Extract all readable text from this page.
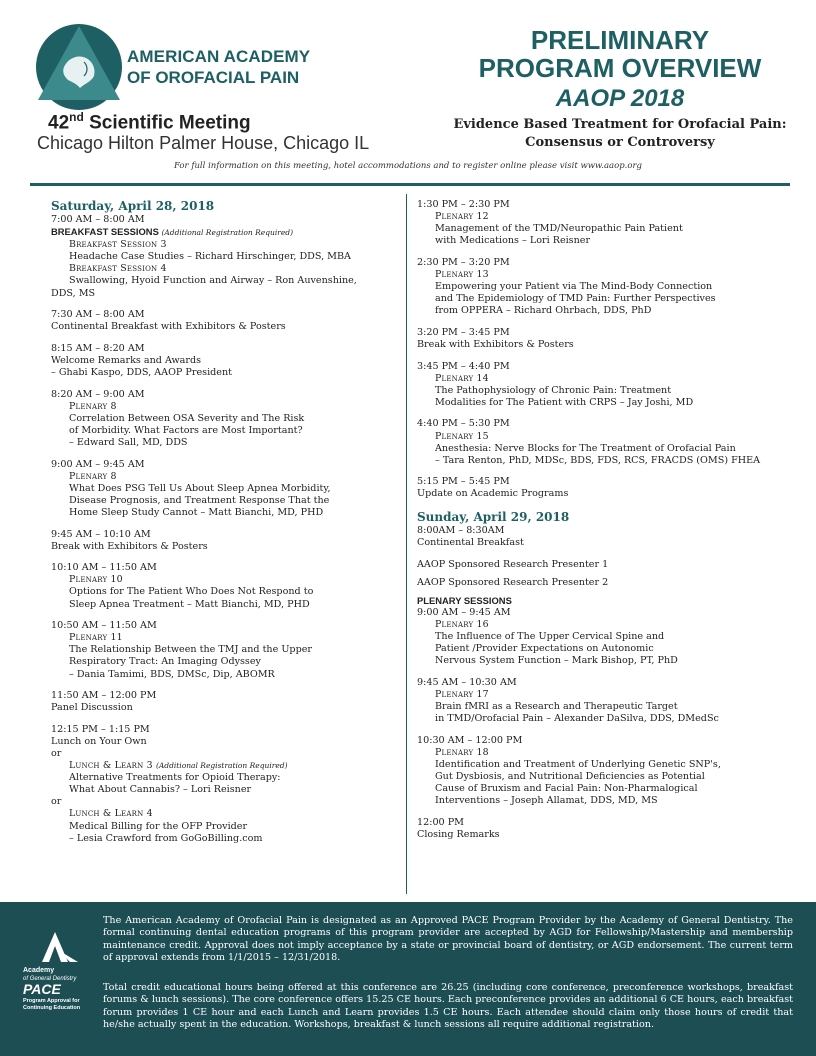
AMERICAN ACADEMY
OF OROFACIAL PAIN
42nd Scientific Meeting
Chicago Hilton Palmer House, Chicago IL
PRELIMINARY
PROGRAM OVERVIEW
AAOP 2018
Evidence Based Treatment for Orofacial Pain:
Consensus or Controversy
For full information on this meeting, hotel accommodations and to register online please visit www.aaop.org
Saturday, April 28, 2018
7:00 AM – 8:00 AM
BREAKFAST SESSIONS (Additional Registration Required)
Breakfast Session 3
Headache Case Studies – Richard Hirschinger, DDS, MBA
Breakfast Session 4
Swallowing, Hyoid Function and Airway – Ron Auvenshine,
DDS, MS
7:30 AM – 8:00 AM
Continental Breakfast with Exhibitors & Posters
8:15 AM – 8:20 AM
Welcome Remarks and Awards
– Ghabi Kaspo, DDS, AAOP President
8:20 AM – 9:00 AM
Plenary 8
Correlation Between OSA Severity and The Risk
of Morbidity. What Factors are Most Important?
– Edward Sall, MD, DDS
9:00 AM – 9:45 AM
Plenary 8
What Does PSG Tell Us About Sleep Apnea Morbidity,
Disease Prognosis, and Treatment Response That the
Home Sleep Study Cannot – Matt Bianchi, MD, PHD
9:45 AM – 10:10 AM
Break with Exhibitors & Posters
10:10 AM – 11:50 AM
Plenary 10
Options for The Patient Who Does Not Respond to
Sleep Apnea Treatment – Matt Bianchi, MD, PHD
10:50 AM – 11:50 AM
Plenary 11
The Relationship Between the TMJ and the Upper
Respiratory Tract: An Imaging Odyssey
– Dania Tamimi, BDS, DMSc, Dip, ABOMR
11:50 AM – 12:00 PM
Panel Discussion
12:15 PM – 1:15 PM
Lunch on Your Own
or
Lunch & Learn 3 (Additional Registration Required)
Alternative Treatments for Opioid Therapy:
What About Cannabis? – Lori Reisner
or
Lunch & Learn 4
Medical Billing for the OFP Provider
– Lesia Crawford from GoGoBilling.com
1:30 PM – 2:30 PM
Plenary 12
Management of the TMD/Neuropathic Pain Patient
with Medications – Lori Reisner
2:30 PM – 3:20 PM
Plenary 13
Empowering your Patient via The Mind-Body Connection
and The Epidemiology of TMD Pain: Further Perspectives
from OPPERA – Richard Ohrbach, DDS, PhD
3:20 PM – 3:45 PM
Break with Exhibitors & Posters
3:45 PM – 4:40 PM
Plenary 14
The Pathophysiology of Chronic Pain: Treatment
Modalities for The Patient with CRPS – Jay Joshi, MD
4:40 PM – 5:30 PM
Plenary 15
Anesthesia: Nerve Blocks for The Treatment of Orofacial Pain
– Tara Renton, PhD, MDSc, BDS, FDS, RCS, FRACDS (OMS) FHEA
5:15 PM – 5:45 PM
Update on Academic Programs
Sunday, April 29, 2018
8:00AM – 8:30AM
Continental Breakfast
AAOP Sponsored Research Presenter 1
AAOP Sponsored Research Presenter 2
PLENARY SESSIONS
9:00 AM – 9:45 AM
Plenary 16
The Influence of The Upper Cervical Spine and
Patient /Provider Expectations on Autonomic
Nervous System Function – Mark Bishop, PT, PhD
9:45 AM – 10:30 AM
Plenary 17
Brain fMRI as a Research and Therapeutic Target
in TMD/Orofacial Pain – Alexander DaSilva, DDS, DMedSc
10:30 AM – 12:00 PM
Plenary 18
Identification and Treatment of Underlying Genetic SNP's,
Gut Dysbiosis, and Nutritional Deficiencies as Potential
Cause of Bruxism and Facial Pain: Non-Pharmalogical
Interventions – Joseph Allamat, DDS, MD, MS
12:00 PM
Closing Remarks
Academy
of General Dentistry
PACE
Program Approval for
Continuing Education
The American Academy of Orofacial Pain is designated as an Approved PACE Program Provider by the Academy of General Dentistry. The formal continuing dental education programs of this program provider are accepted by AGD for Fellowship/Mastership and membership maintenance credit. Approval does not imply acceptance by a state or provincial board of dentistry, or AGD endorsement. The current term of approval extends from 1/1/2015 – 12/31/2018.
Total credit educational hours being offered at this conference are 26.25 (including core conference, preconference workshops, breakfast forums & lunch sessions). The core conference offers 15.25 CE hours. Each preconference provides an additional 6 CE hours, each breakfast forum provides 1 CE hour and each Lunch and Learn provides 1.5 CE hours. Each attendee should claim only those hours of credit that he/she actually spent in the education. Workshops, breakfast & lunch sessions all require additional registration.
